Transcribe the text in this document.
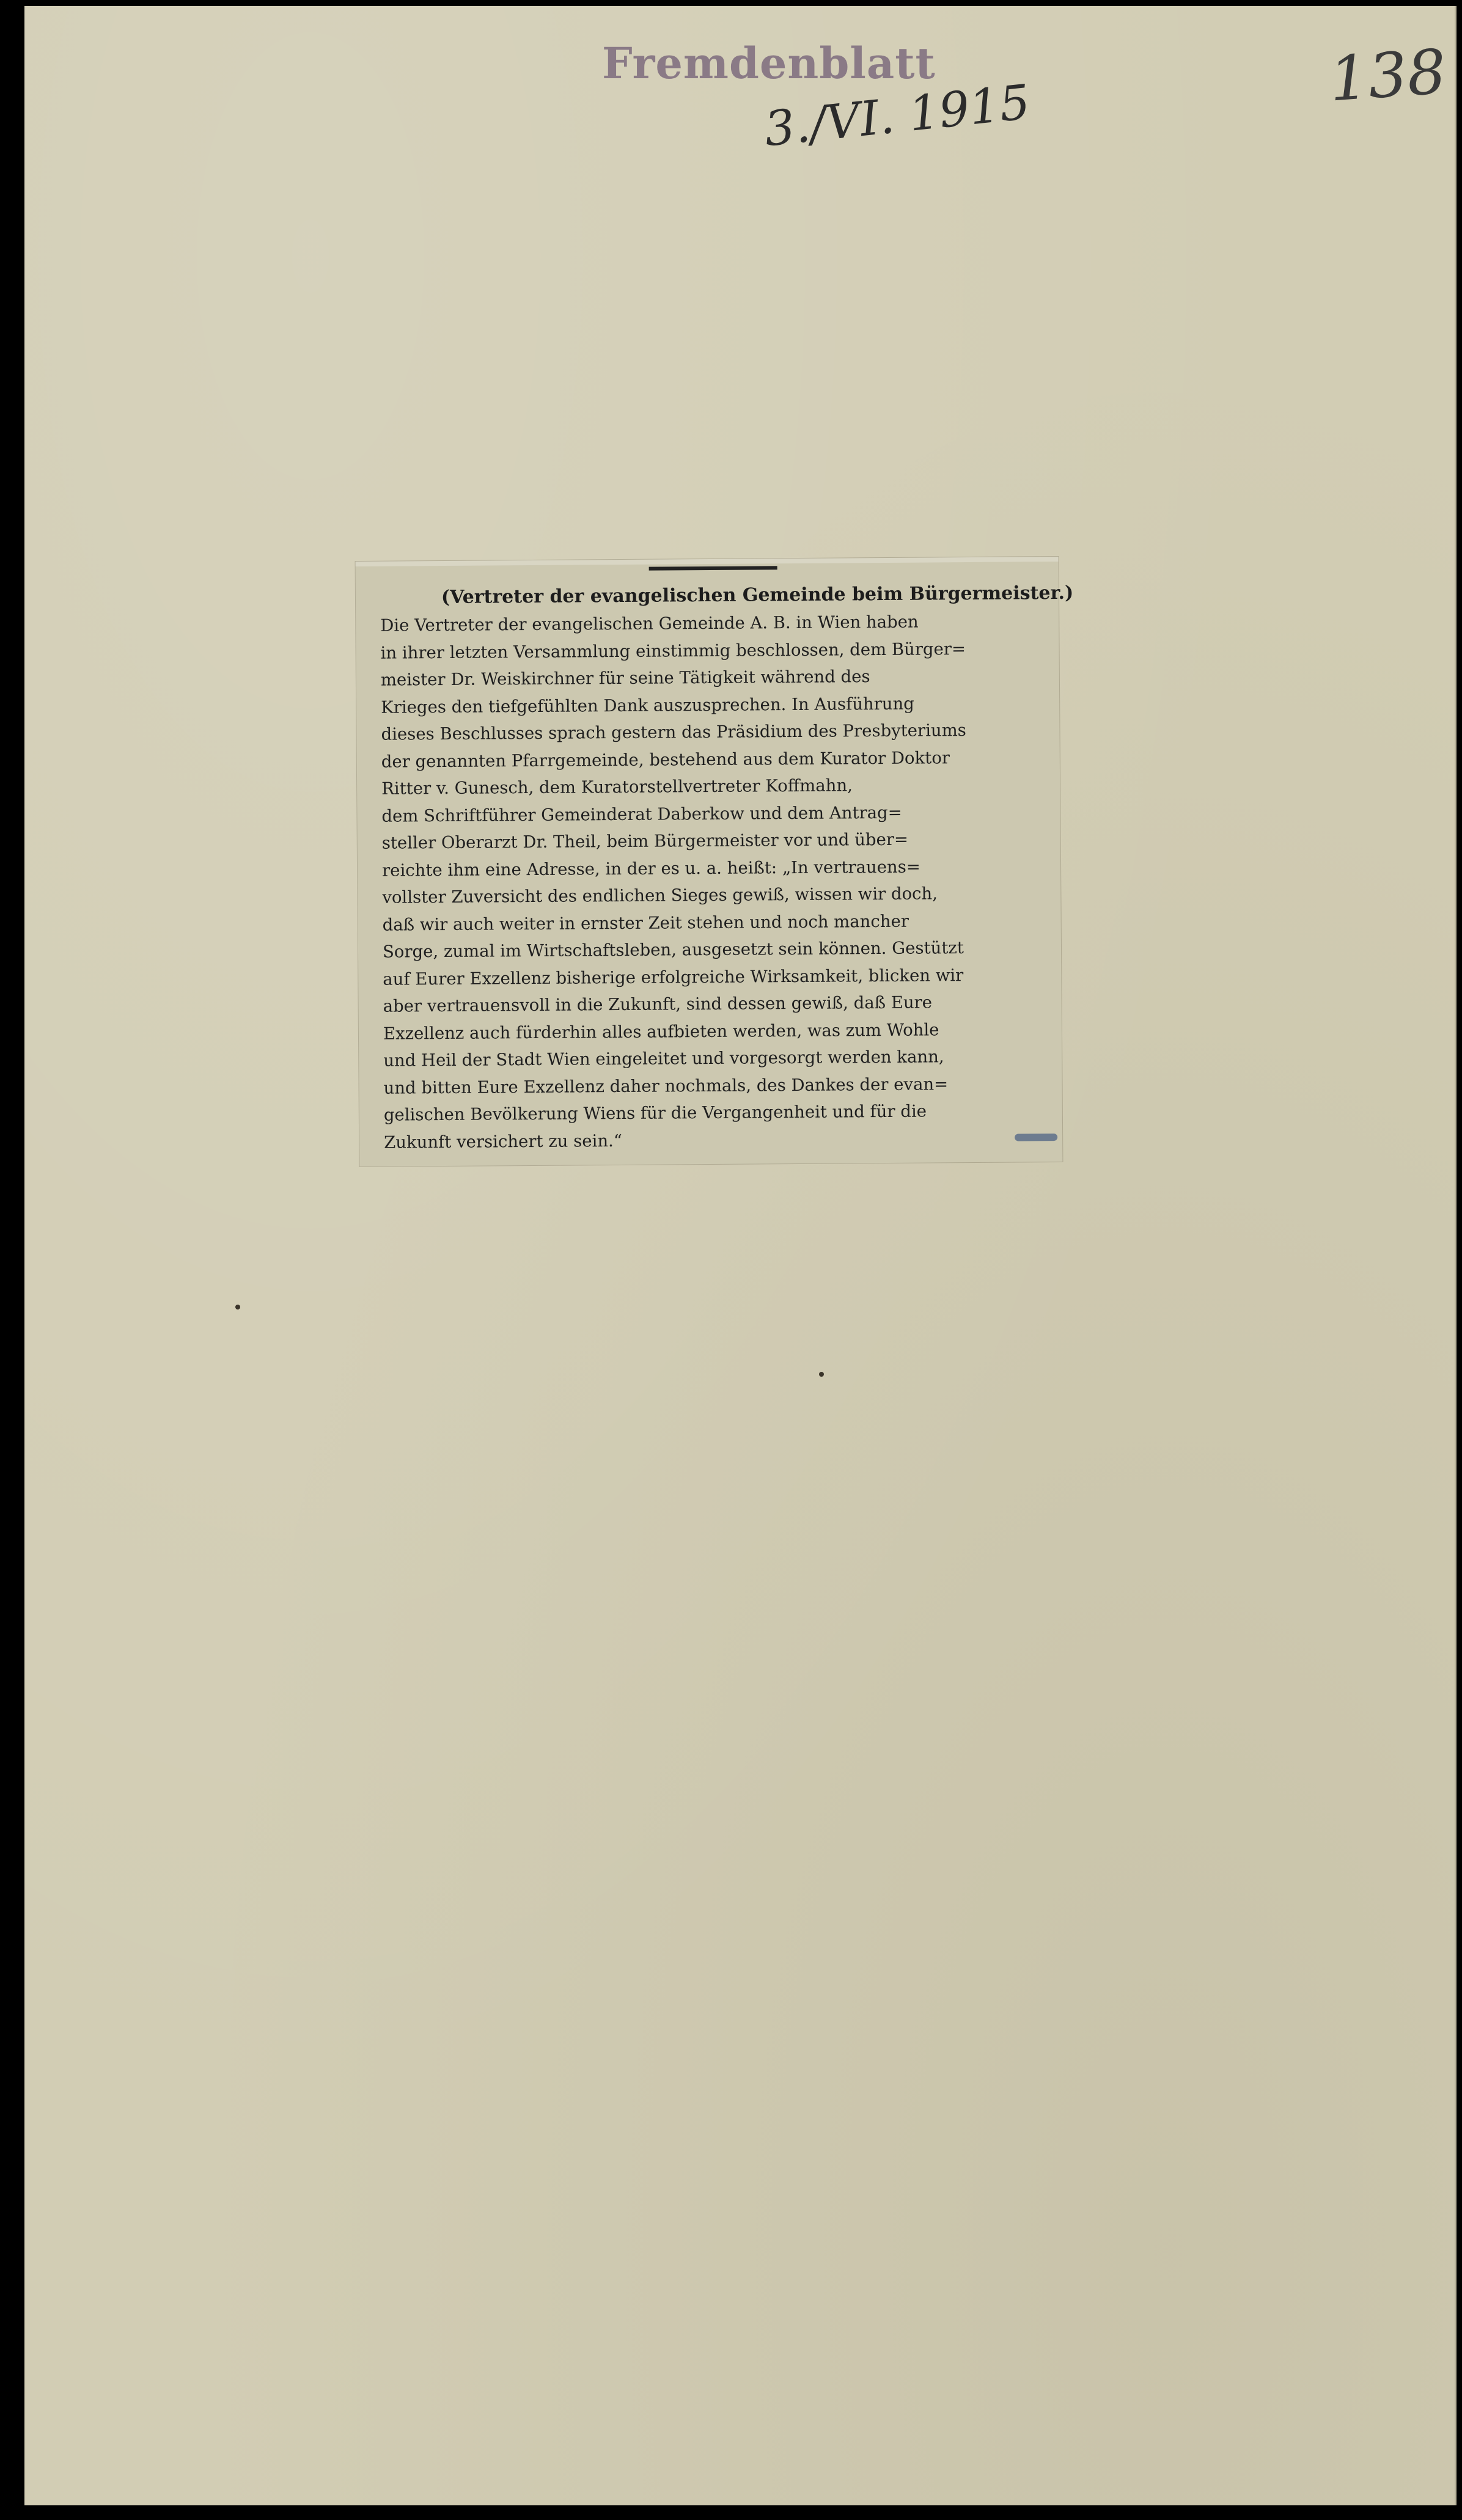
Fremdenblatt
3./VI. 1915	138
(Vertreter der evangelischen Gemeinde beim Bürgermeister.)
Die Vertreter der evangelischen Gemeinde A. B. in Wien haben
in ihrer letzten Versammlung einstimmig beschlossen, dem Bürger=
meister Dr. Weiskirchner für seine Tätigkeit während des
Krieges den tiefgefühlten Dank auszusprechen. In Ausführung
dieses Beschlusses sprach gestern das Präsidium des Presbyteriums
der genannten Pfarrgemeinde, bestehend aus dem Kurator Doktor
Ritter v. Gunesch, dem Kuratorstellvertreter Koffmahn,
dem Schriftführer Gemeinderat Daberkow und dem Antrag=
steller Oberarzt Dr. Theil, beim Bürgermeister vor und über=
reichte ihm eine Adresse, in der es u. a. heißt: „In vertrauens=
vollster Zuversicht des endlichen Sieges gewiß, wissen wir doch,
daß wir auch weiter in ernster Zeit stehen und noch mancher
Sorge, zumal im Wirtschaftsleben, ausgesetzt sein können. Gestützt
auf Eurer Exzellenz bisherige erfolgreiche Wirksamkeit, blicken wir
aber vertrauensvoll in die Zukunft, sind dessen gewiß, daß Eure
Exzellenz auch fürderhin alles aufbieten werden, was zum Wohle
und Heil der Stadt Wien eingeleitet und vorgesorgt werden kann,
und bitten Eure Exzellenz daher nochmals, des Dankes der evan=
gelischen Bevölkerung Wiens für die Vergangenheit und für die
Zukunft versichert zu sein.“
